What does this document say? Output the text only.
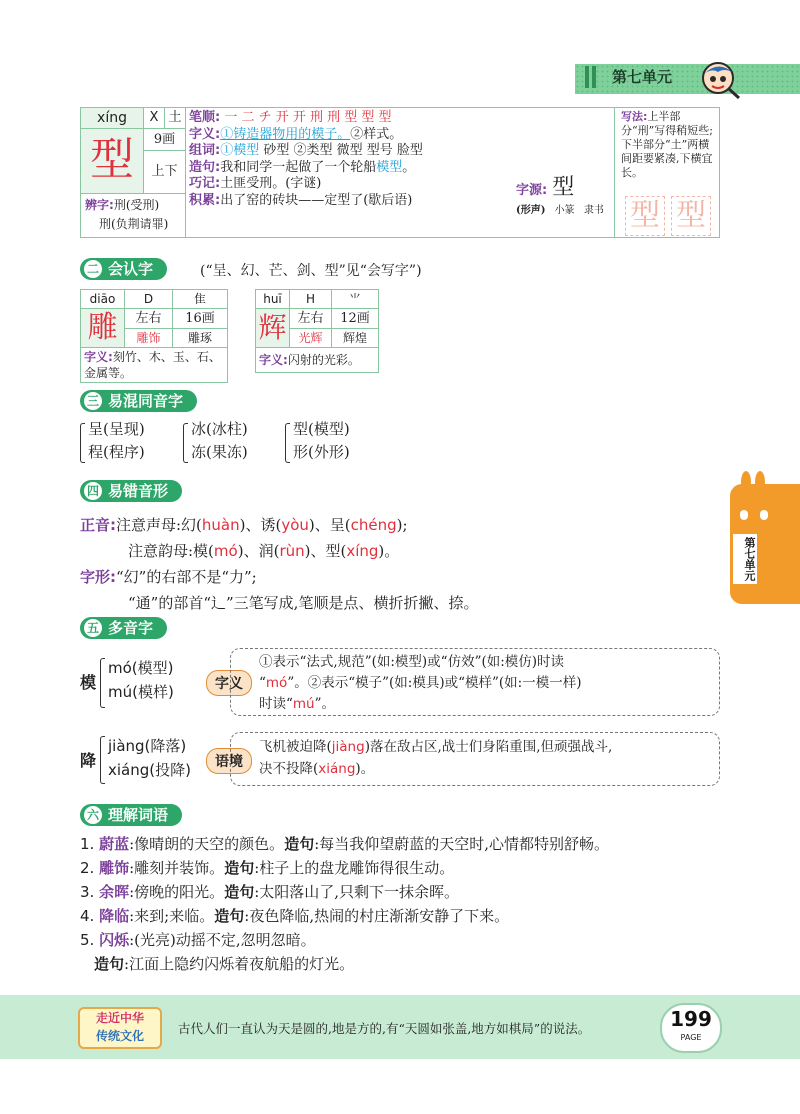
第七单元
xíng	X 土
型	9画
上下
辨字:刑(受刑)
刑(负荆请罪)
笔顺: 一 二 チ 开 开 刑 刑 型 型 型
字义:①铸造器物用的模子。②样式。
组词:①模型 砂型 ②类型 微型 型号 脸型
造句:我和同学一起做了一个轮船模型。
巧记:土匪受刑。(字谜)
积累:出了窑的砖块——定型了(歇后语)
字源: 型
(形声) 小篆 隶书
写法:上半部分“刑”写得稍短些;下半部分“土”两横间距要紧凑,下横宜长。
型 型
二 会认字	(“呈、幻、芒、剑、型”见“会写字”)
diāo	D	隹
雕	左右	16画
雕饰	雕琢
字义:刻竹、木、玉、石、金属等。
huī	H	⺌
辉 左右	12画
光辉	辉煌
字义:闪射的光彩。
三 易混同音字
呈(呈现)
程(程序)
冰(冰柱)
冻(果冻)
型(模型)
形(外形)
四 易错音形
正音:注意声母:幻(huàn)、诱(yòu)、呈(chéng);
注意韵母:模(mó)、润(rùn)、型(xíng)。
字形:“幻”的右部不是“力”;
“通”的部首“辶”三笔写成,笔顺是点、横折折撇、捺。
五 多音字
模
mó(模型)
mú(模样)	字义
①表示“法式,规范”(如:模型)或“仿效”(如:模仿)时读
“mó”。②表示“模子”(如:模具)或“模样”(如:一模一样)
时读“mú”。
降
jiàng(降落)
xiáng(投降)	语境
飞机被迫降(jiàng)落在敌占区,战士们身陷重围,但顽强战斗,
决不投降(xiáng)。
六 理解词语
1. 蔚蓝:像晴朗的天空的颜色。造句:每当我仰望蔚蓝的天空时,心情都特别舒畅。
2. 雕饰:雕刻并装饰。造句:柱子上的盘龙雕饰得很生动。
3. 余晖:傍晚的阳光。造句:太阳落山了,只剩下一抹余晖。
4. 降临:来到;来临。造句:夜色降临,热闹的村庄渐渐安静了下来。
5. 闪烁:(光亮)动摇不定,忽明忽暗。
造句:江面上隐约闪烁着夜航船的灯光。
第七单元
走近中华
传统文化	古代人们一直认为天是圆的,地是方的,有“天圆如张盖,地方如棋局”的说法。	199
PAGE
